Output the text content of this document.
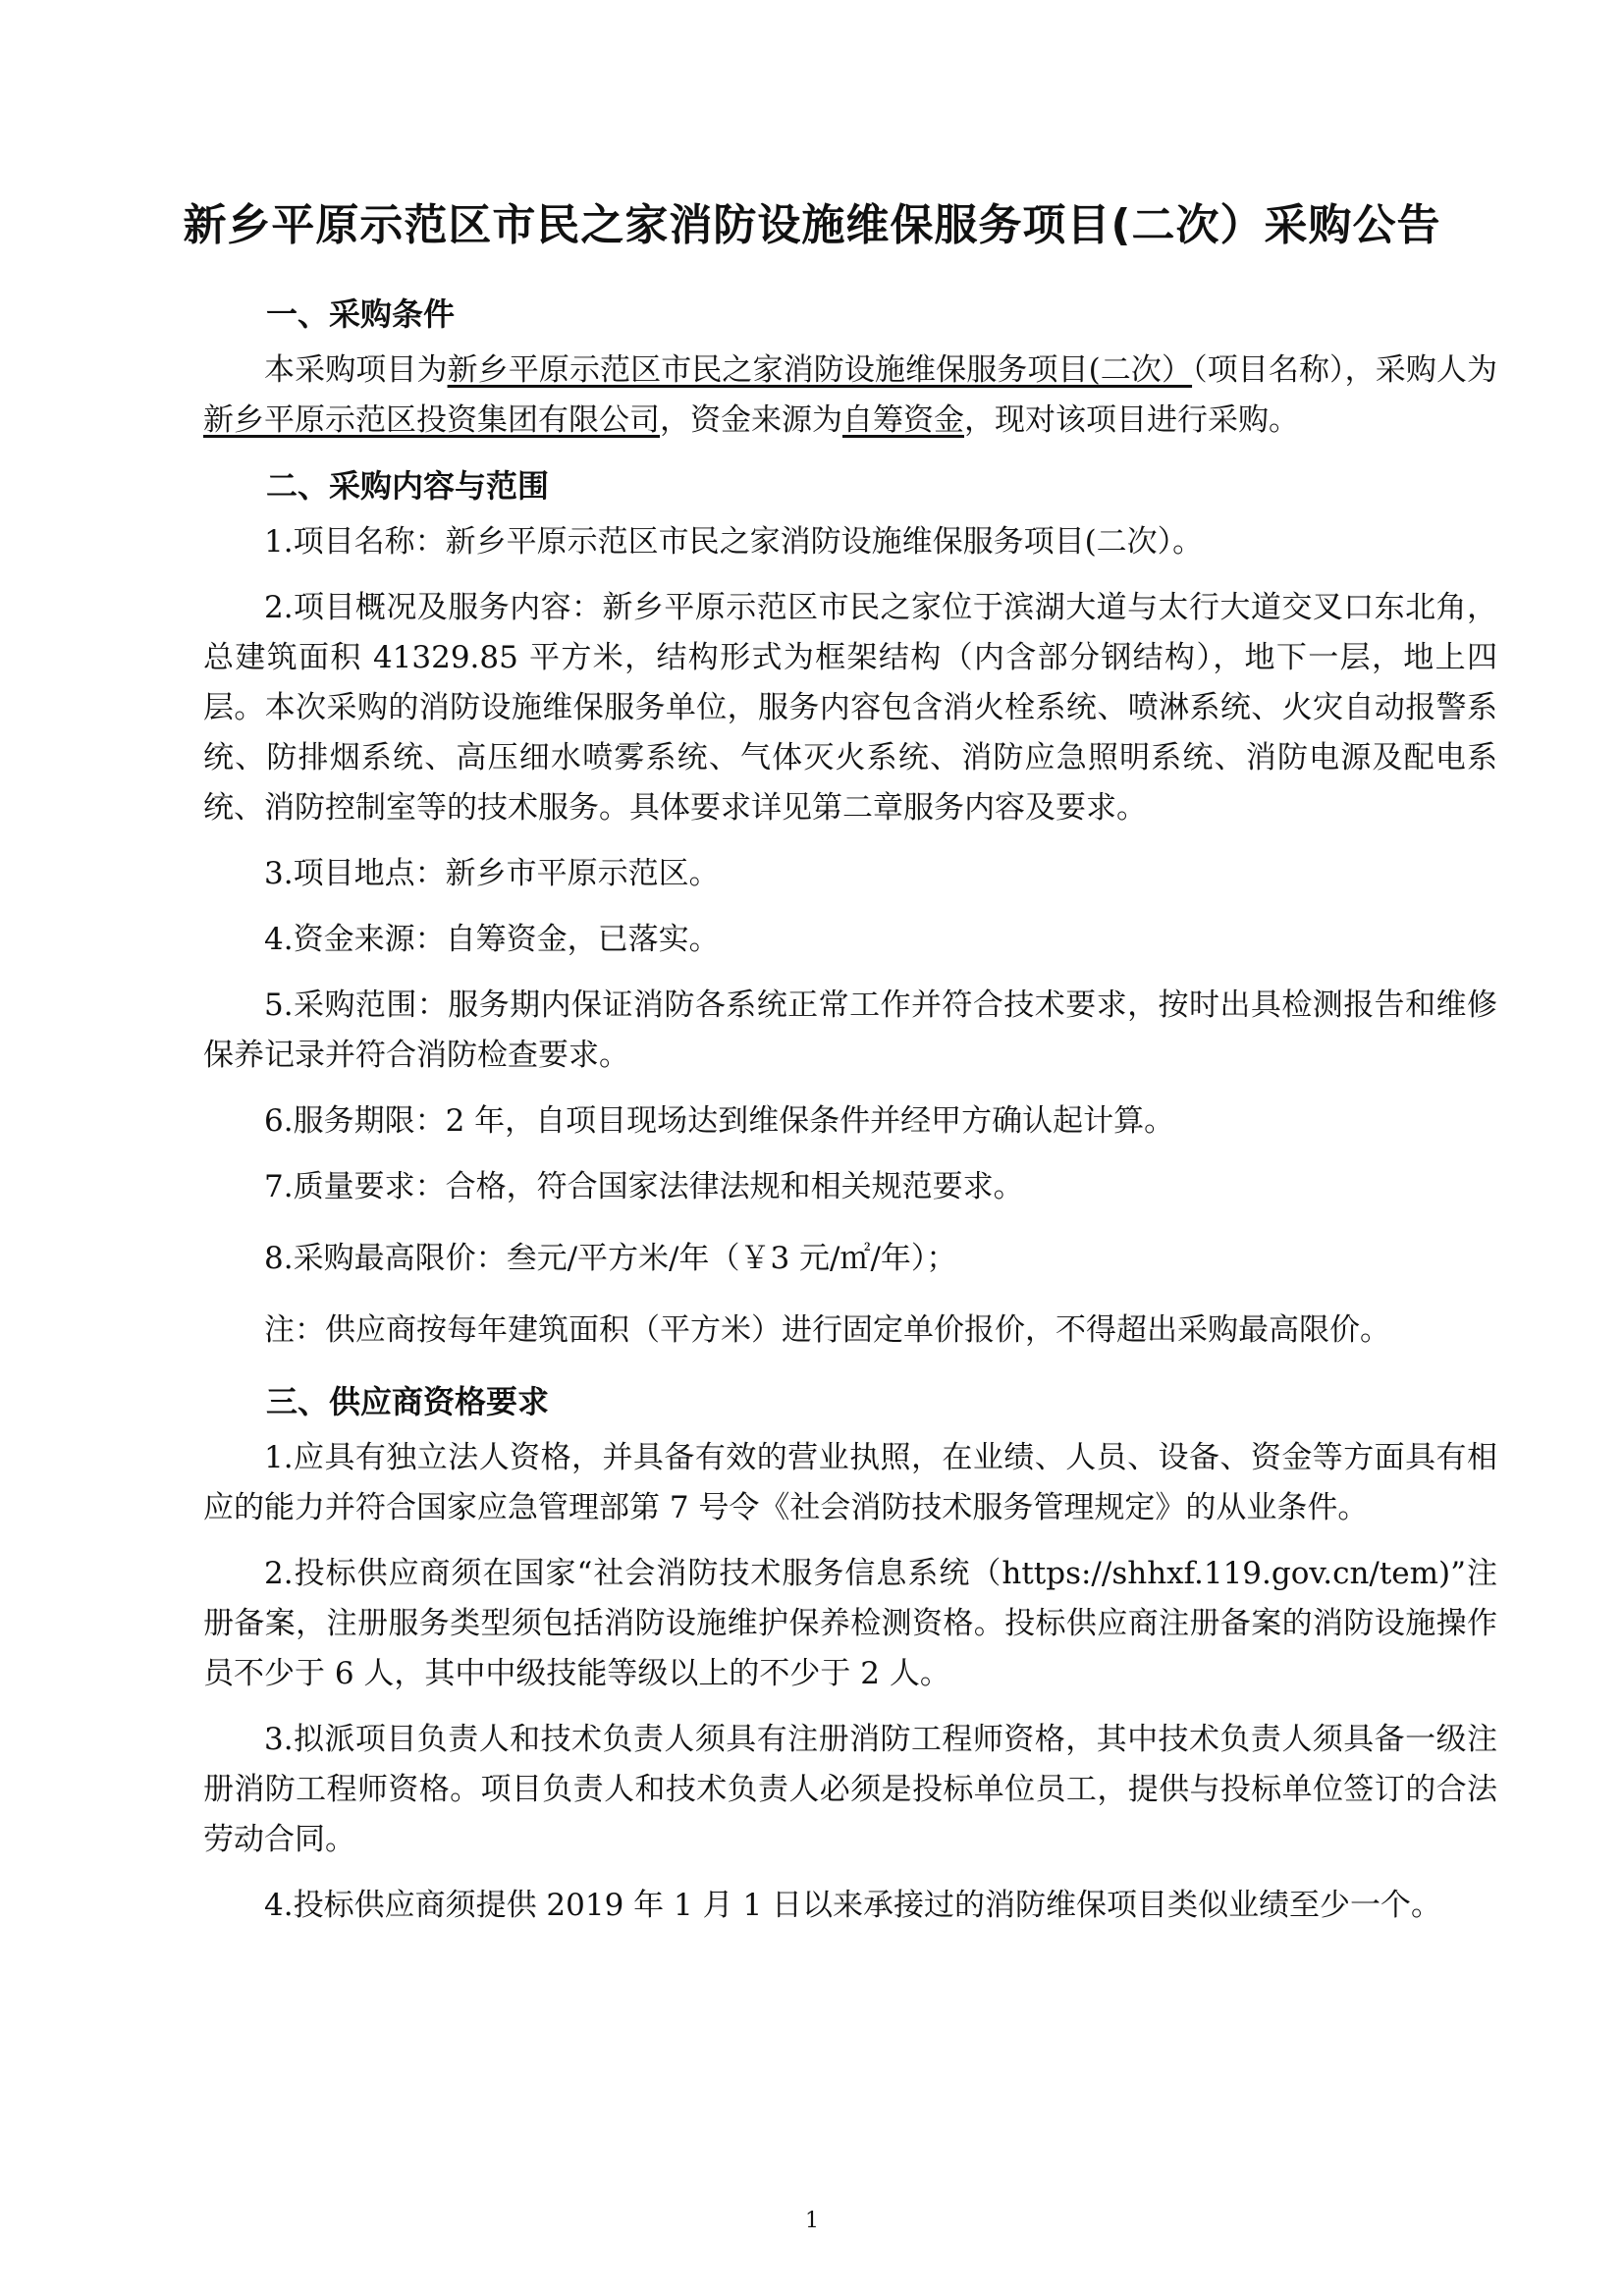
新乡平原示范区市民之家消防设施维保服务项目(二次）采购公告
一、采购条件

本采购项目为新乡平原示范区市民之家消防设施维保服务项目(二次）（项目名称），采购人为 新乡平原示范区投资集团有限公司，资金来源为自筹资金，现对该项目进行采购。

二、采购内容与范围

1.项目名称：新乡平原示范区市民之家消防设施维保服务项目(二次）。

2.项目概况及服务内容：新乡平原示范区市民之家位于滨湖大道与太行大道交叉口东北角，总建筑面积 41329.85 平方米，结构形式为框架结构（内含部分钢结构），地下一层，地上四层。本次采购的消防设施维保服务单位，服务内容包含消火栓系统、喷淋系统、火灾自动报警系统、防排烟系统、高压细水喷雾系统、气体灭火系统、消防应急照明系统、消防电源及配电系统、消防控制室等的技术服务。具体要求详见第二章服务内容及要求。

3.项目地点：新乡市平原示范区。

4.资金来源：自筹资金，已落实。

5.采购范围：服务期内保证消防各系统正常工作并符合技术要求，按时出具检测报告和维修保养记录并符合消防检查要求。

6.服务期限：2 年，自项目现场达到维保条件并经甲方确认起计算。

7.质量要求：合格，符合国家法律法规和相关规范要求。

8.采购最高限价：叁元/平方米/年（￥3 元/㎡/年）；

注：供应商按每年建筑面积（平方米）进行固定单价报价，不得超出采购最高限价。

三、供应商资格要求

1.应具有独立法人资格，并具备有效的营业执照，在业绩、人员、设备、资金等方面具有相应的能力并符合国家应急管理部第 7 号令《社会消防技术服务管理规定》的从业条件。

2.投标供应商须在国家“社会消防技术服务信息系统（https://shhxf.119.gov.cn/tem)”注册备案，注册服务类型须包括消防设施维护保养检测资格。投标供应商注册备案的消防设施操作员不少于 6 人，其中中级技能等级以上的不少于 2 人。

3.拟派项目负责人和技术负责人须具有注册消防工程师资格，其中技术负责人须具备一级注册消防工程师资格。项目负责人和技术负责人必须是投标单位员工，提供与投标单位签订的合法劳动合同。

4.投标供应商须提供 2019 年 1 月 1 日以来承接过的消防维保项目类似业绩至少一个。

1
